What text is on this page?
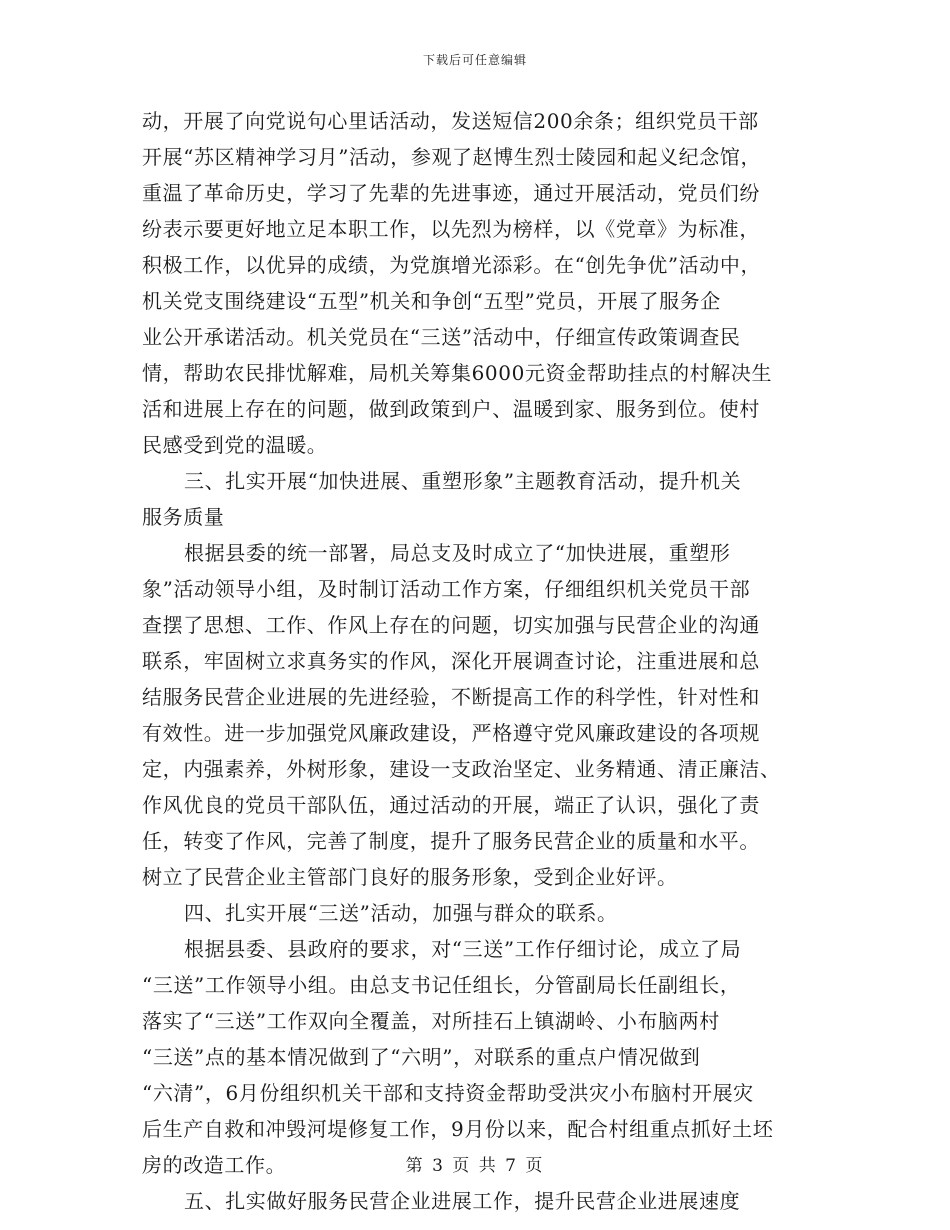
下载后可任意编辑
动，开展了向党说句心里话活动，发送短信200余条；组织党员干部
开展“苏区精神学习月”活动，参观了赵博生烈士陵园和起义纪念馆，
重温了革命历史，学习了先辈的先进事迹，通过开展活动，党员们纷
纷表示要更好地立足本职工作，以先烈为榜样，以《党章》为标准，
积极工作，以优异的成绩，为党旗增光添彩。在“创先争优”活动中，
机关党支围绕建设“五型”机关和争创“五型”党员，开展了服务企
业公开承诺活动。机关党员在“三送”活动中，仔细宣传政策调查民
情，帮助农民排忧解难，局机关筹集6000元资金帮助挂点的村解决生
活和进展上存在的问题，做到政策到户、温暖到家、服务到位。使村
民感受到党的温暖。
三、扎实开展“加快进展、重塑形象”主题教育活动，提升机关
服务质量
根据县委的统一部署，局总支及时成立了“加快进展，重塑形
象”活动领导小组，及时制订活动工作方案，仔细组织机关党员干部
查摆了思想、工作、作风上存在的问题，切实加强与民营企业的沟通
联系，牢固树立求真务实的作风，深化开展调查讨论，注重进展和总
结服务民营企业进展的先进经验，不断提高工作的科学性，针对性和
有效性。进一步加强党风廉政建设，严格遵守党风廉政建设的各项规
定，内强素养，外树形象，建设一支政治坚定、业务精通、清正廉洁、
作风优良的党员干部队伍，通过活动的开展，端正了认识，强化了责
任，转变了作风，完善了制度，提升了服务民营企业的质量和水平。
树立了民营企业主管部门良好的服务形象，受到企业好评。
四、扎实开展“三送”活动，加强与群众的联系。
根据县委、县政府的要求，对“三送”工作仔细讨论，成立了局
“三送”工作领导小组。由总支书记任组长，分管副局长任副组长，
落实了“三送”工作双向全覆盖，对所挂石上镇湖岭、小布脑两村
“三送”点的基本情况做到了“六明”，对联系的重点户情况做到
“六清”，6月份组织机关干部和支持资金帮助受洪灾小布脑村开展灾
后生产自救和冲毁河堤修复工作，9月份以来，配合村组重点抓好土坯
房的改造工作。
五、扎实做好服务民营企业进展工作，提升民营企业进展速度
第 3 页 共 7 页
